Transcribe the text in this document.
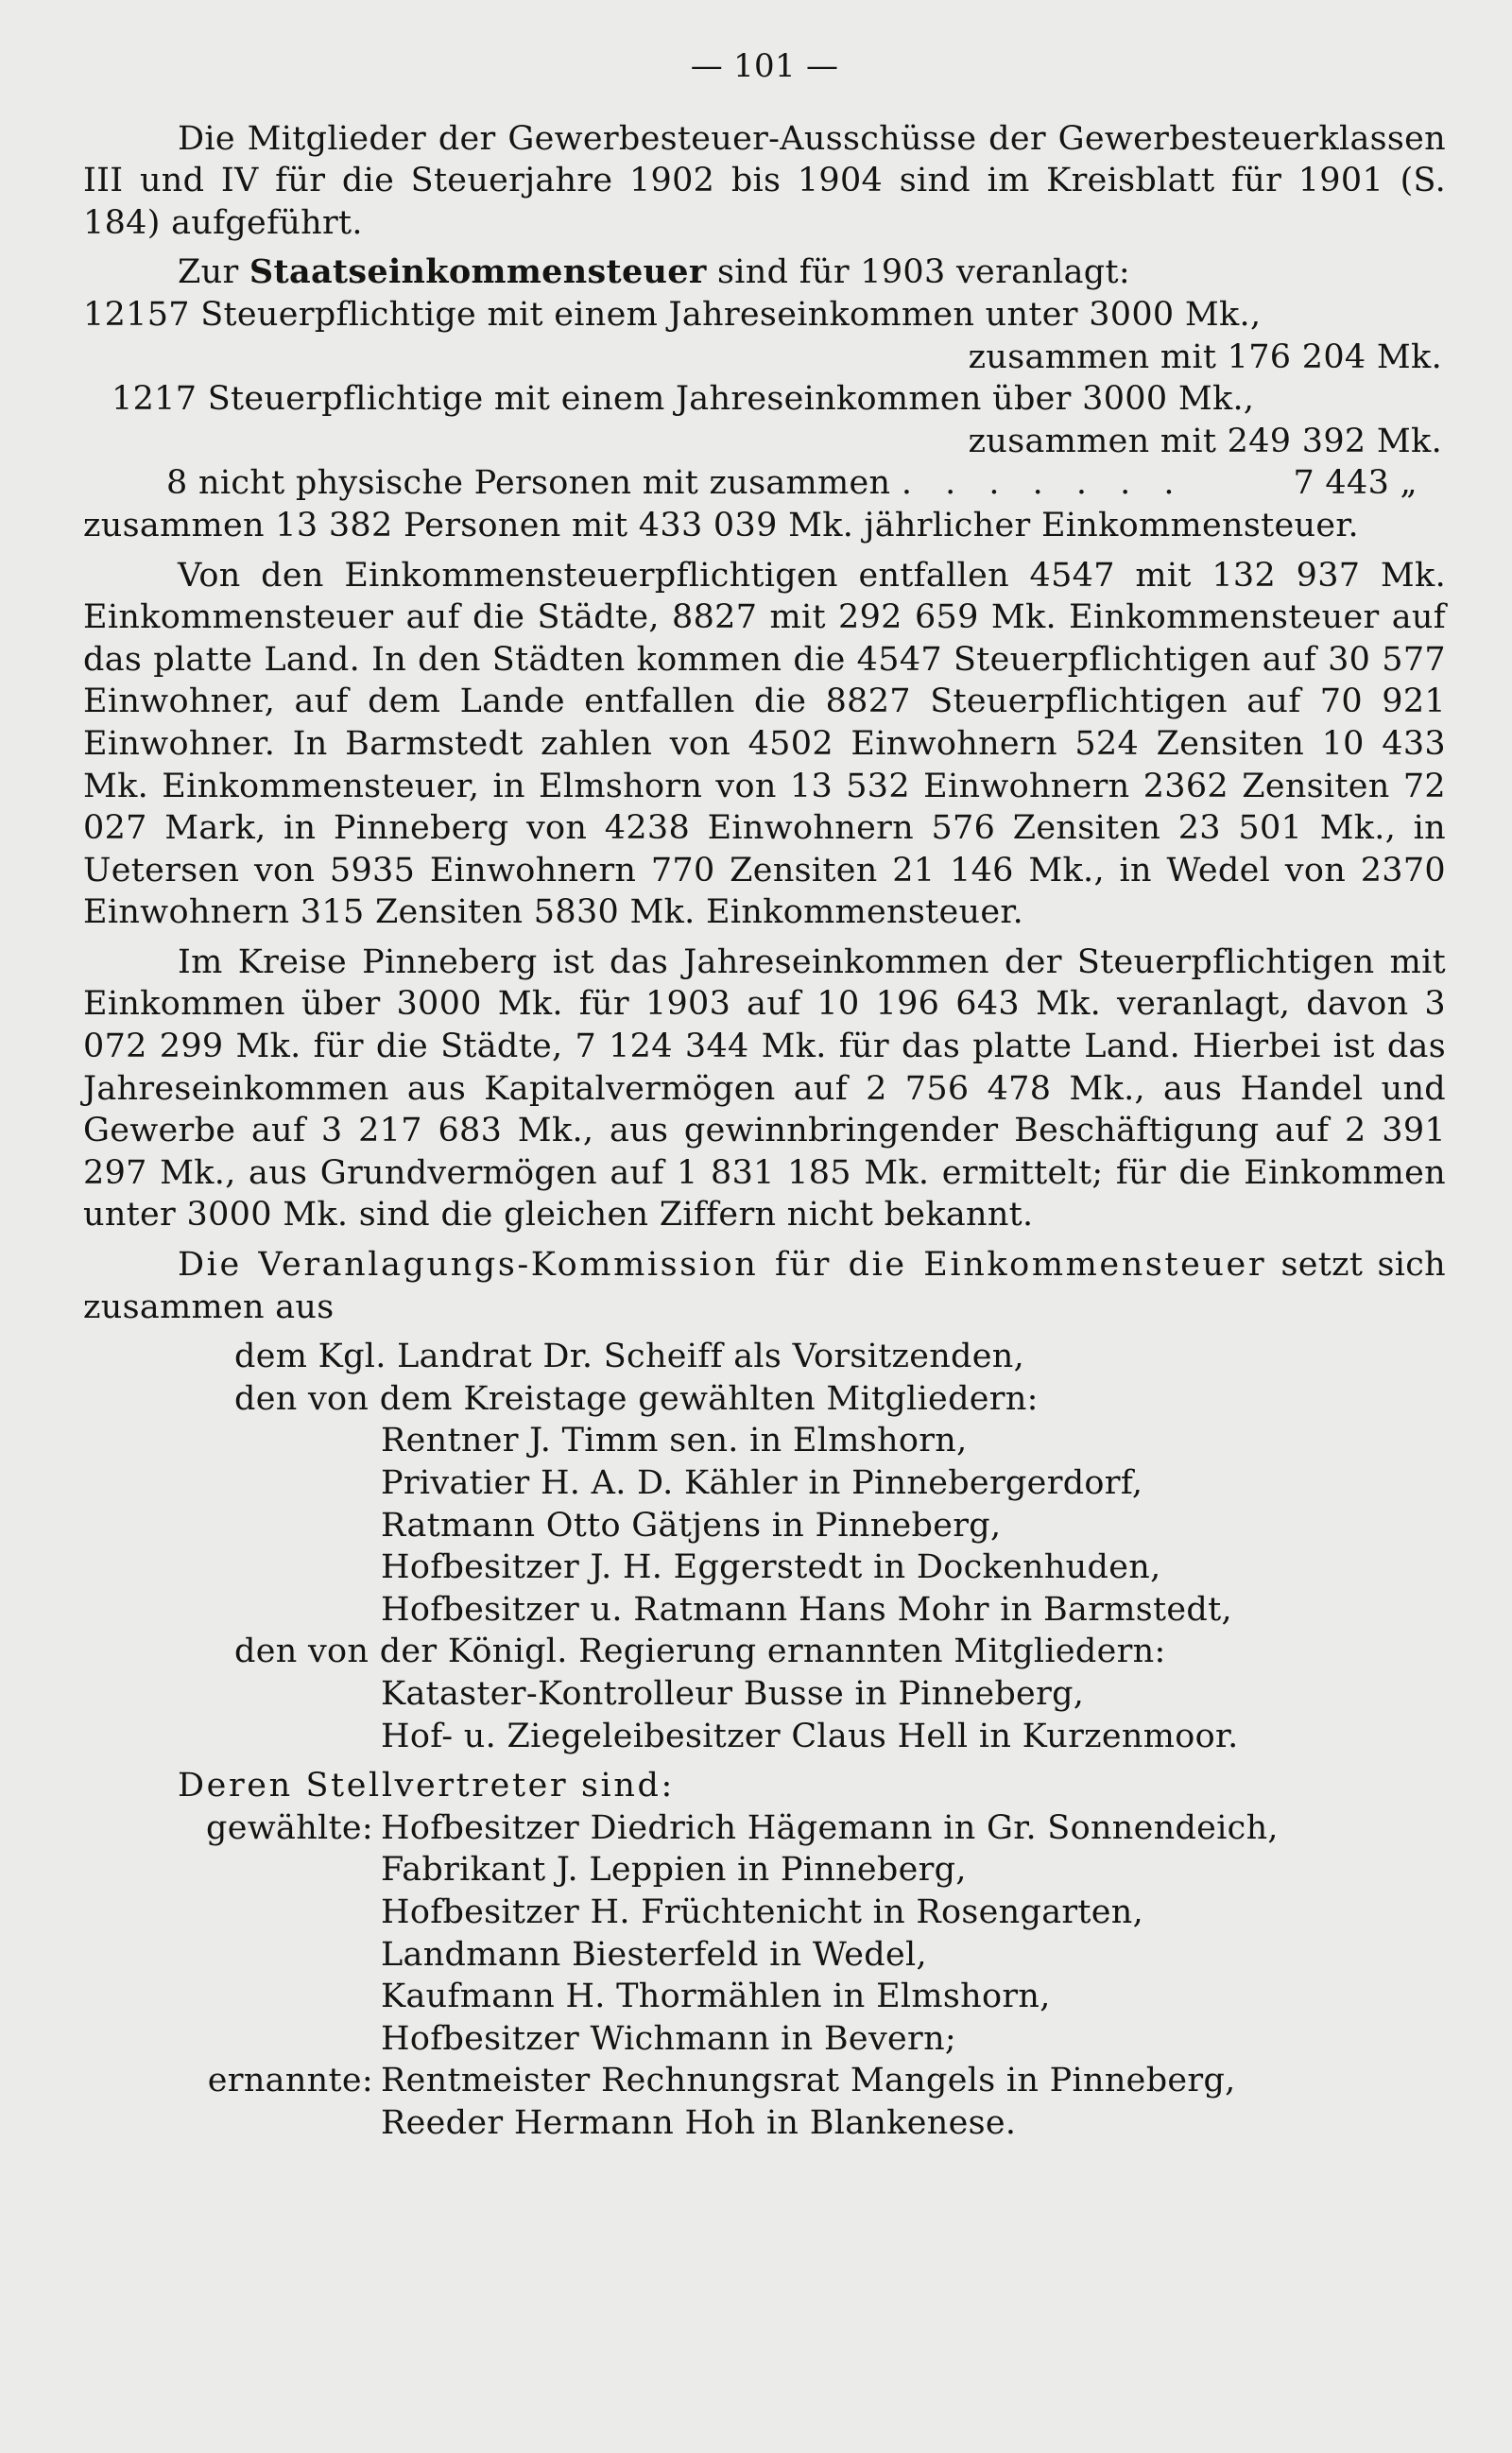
— 101 —

Die Mitglieder der Gewerbesteuer-Ausschüsse der Gewerbesteuerklassen III und IV für die Steuerjahre 1902 bis 1904 sind im Kreisblatt für 1901 (S. 184) aufgeführt.

Zur Staatseinkommensteuer sind für 1903 veranlagt:

12157 Steuerpflichtige mit einem Jahreseinkommen unter 3000 Mk.,

zusammen mit 176 204 Mk.

1217 Steuerpflichtige mit einem Jahreseinkommen über 3000 Mk.,

zusammen mit 249 392 Mk.

8 nicht physische Personen mit zusammen . . . . . . .	7 443 „

zusammen 13 382 Personen mit 433 039 Mk. jährlicher Einkommensteuer.

Von den Einkommensteuerpflichtigen entfallen 4547 mit 132 937 Mk. Einkommensteuer auf die Städte, 8827 mit 292 659 Mk. Einkommensteuer auf das platte Land. In den Städten kommen die 4547 Steuerpflichtigen auf 30 577 Einwohner, auf dem Lande entfallen die 8827 Steuerpflichtigen auf 70 921 Einwohner. In Barmstedt zahlen von 4502 Einwohnern 524 Zensiten 10 433 Mk. Einkommensteuer, in Elmshorn von 13 532 Einwohnern 2362 Zensiten 72 027 Mark, in Pinneberg von 4238 Einwohnern 576 Zensiten 23 501 Mk., in Uetersen von 5935 Einwohnern 770 Zensiten 21 146 Mk., in Wedel von 2370 Einwohnern 315 Zensiten 5830 Mk. Einkommensteuer.

Im Kreise Pinneberg ist das Jahreseinkommen der Steuerpflichtigen mit Einkommen über 3000 Mk. für 1903 auf 10 196 643 Mk. veranlagt, davon 3 072 299 Mk. für die Städte, 7 124 344 Mk. für das platte Land. Hierbei ist das Jahreseinkommen aus Kapitalvermögen auf 2 756 478 Mk., aus Handel und Gewerbe auf 3 217 683 Mk., aus gewinnbringender Beschäftigung auf 2 391 297 Mk., aus Grundvermögen auf 1 831 185 Mk. ermittelt; für die Einkommen unter 3000 Mk. sind die gleichen Ziffern nicht bekannt.

Die Veranlagungs-Kommission für die Einkommensteuer setzt sich zusammen aus

dem Kgl. Landrat Dr. Scheiff als Vorsitzenden,

den von dem Kreistage gewählten Mitgliedern:

Rentner J. Timm sen. in Elmshorn,

Privatier H. A. D. Kähler in Pinnebergerdorf,

Ratmann Otto Gätjens in Pinneberg,

Hofbesitzer J. H. Eggerstedt in Dockenhuden,

Hofbesitzer u. Ratmann Hans Mohr in Barmstedt,

den von der Königl. Regierung ernannten Mitgliedern:

Kataster-Kontrolleur Busse in Pinneberg,

Hof- u. Ziegeleibesitzer Claus Hell in Kurzenmoor.

Deren Stellvertreter sind:

gewählte: Hofbesitzer Diedrich Hägemann in Gr. Sonnendeich,

Fabrikant J. Leppien in Pinneberg,

Hofbesitzer H. Früchtenicht in Rosengarten,

Landmann Biesterfeld in Wedel,

Kaufmann H. Thormählen in Elmshorn,

Hofbesitzer Wichmann in Bevern;

ernannte: Rentmeister Rechnungsrat Mangels in Pinneberg,

Reeder Hermann Hoh in Blankenese.
